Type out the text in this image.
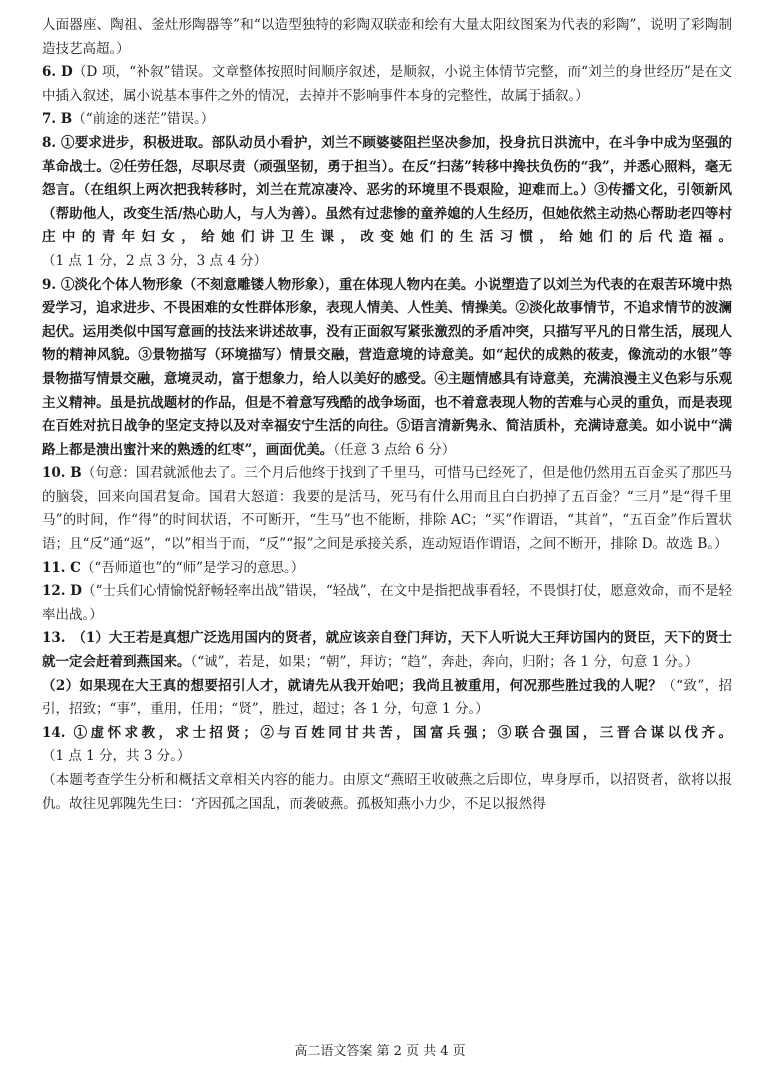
人面器座、陶祖、釜灶形陶器等”和“以造型独特的彩陶双联壶和绘有大量太阳纹图案为代表的彩陶”，说明了彩陶制造技艺高超。）

6. D（D 项，“补叙”错误。文章整体按照时间顺序叙述，是顺叙，小说主体情节完整，而“刘兰的身世经历”是在文中插入叙述，属小说基本事件之外的情况，去掉并不影响事件本身的完整性，故属于插叙。）

7. B（“前途的迷茫”错误。）

8. ①要求进步，积极进取。部队动员小看护，刘兰不顾婆婆阻拦坚决参加，投身抗日洪流中，在斗争中成为坚强的革命战士。②任劳任怨，尽职尽责（顽强坚韧，勇于担当）。在反“扫荡”转移中搀扶负伤的“我”，并悉心照料，毫无怨言。（在组织上两次把我转移时，刘兰在荒凉凄冷、恶劣的环境里不畏艰险，迎难而上。）③传播文化，引领新风（帮助他人，改变生活/热心助人，与人为善）。虽然有过悲惨的童养媳的人生经历，但她依然主动热心帮助老四等村庄中的青年妇女，给她们讲卫生课，改变她们的生活习惯，给她们的后代造福。（1 点 1 分，2 点 3 分，3 点 4 分）

9. ①淡化个体人物形象（不刻意雕镂人物形象），重在体现人物内在美。小说塑造了以刘兰为代表的在艰苦环境中热爱学习，追求进步、不畏困难的女性群体形象，表现人情美、人性美、情操美。②淡化故事情节，不追求情节的波澜起伏。运用类似中国写意画的技法来讲述故事，没有正面叙写紧张激烈的矛盾冲突，只描写平凡的日常生活，展现人物的精神风貌。③景物描写（环境描写）情景交融，营造意境的诗意美。如“起伏的成熟的莜麦，像流动的水银”等景物描写情景交融，意境灵动，富于想象力，给人以美好的感受。④主题情感具有诗意美，充满浪漫主义色彩与乐观主义精神。虽是抗战题材的作品，但是不着意写残酷的战争场面，也不着意表现人物的苦难与心灵的重负，而是表现在百姓对抗日战争的坚定支持以及对幸福安宁生活的向往。⑤语言清新隽永、简洁质朴，充满诗意美。如小说中“满路上都是溃出蜜汁来的熟透的红枣”，画面优美。（任意 3 点给 6 分）

10. B（句意：国君就派他去了。三个月后他终于找到了千里马，可惜马已经死了，但是他仍然用五百金买了那匹马的脑袋，回来向国君复命。国君大怒道：我要的是活马，死马有什么用而且白白扔掉了五百金？“三月”是“得千里马”的时间，作“得”的时间状语，不可断开，“生马”也不能断，排除 AC；“买”作谓语，“其首”，“五百金”作后置状语；且“反”通“返”，“以”相当于而，“反”“报”之间是承接关系，连动短语作谓语，之间不断开，排除 D。故选 B。）

11. C（“吾师道也”的“师”是学习的意思。）

12. D（“士兵们心情愉悦舒畅轻率出战”错误，“轻战”，在文中是指把战事看轻，不畏惧打仗，愿意效命，而不是轻率出战。）

13.　（1）大王若是真想广泛选用国内的贤者，就应该亲自登门拜访，天下人听说大王拜访国内的贤臣，天下的贤士就一定会赶着到燕国来。（“诚”，若是，如果；“朝”，拜访；“趋”，奔赴，奔向，归附；各 1 分，句意 1 分。）

（2）如果现在大王真的想要招引人才，就请先从我开始吧；我尚且被重用，何况那些胜过我的人呢？（“致”，招引，招致；“事”，重用，任用；“贤”，胜过，超过；各 1 分，句意 1 分。）

14. ①虚怀求教，求士招贤；②与百姓同甘共苦，国富兵强；③联合强国，三晋合谋以伐齐。（1 点 1 分，共 3 分。）

（本题考查学生分析和概括文章相关内容的能力。由原文“燕昭王收破燕之后即位，卑身厚币，以招贤者，欲将以报仇。故往见郭隗先生曰：‘齐因孤之国乱，而袭破燕。孤极知燕小力少，不足以报然得

高二语文答案 第 2 页 共 4 页
